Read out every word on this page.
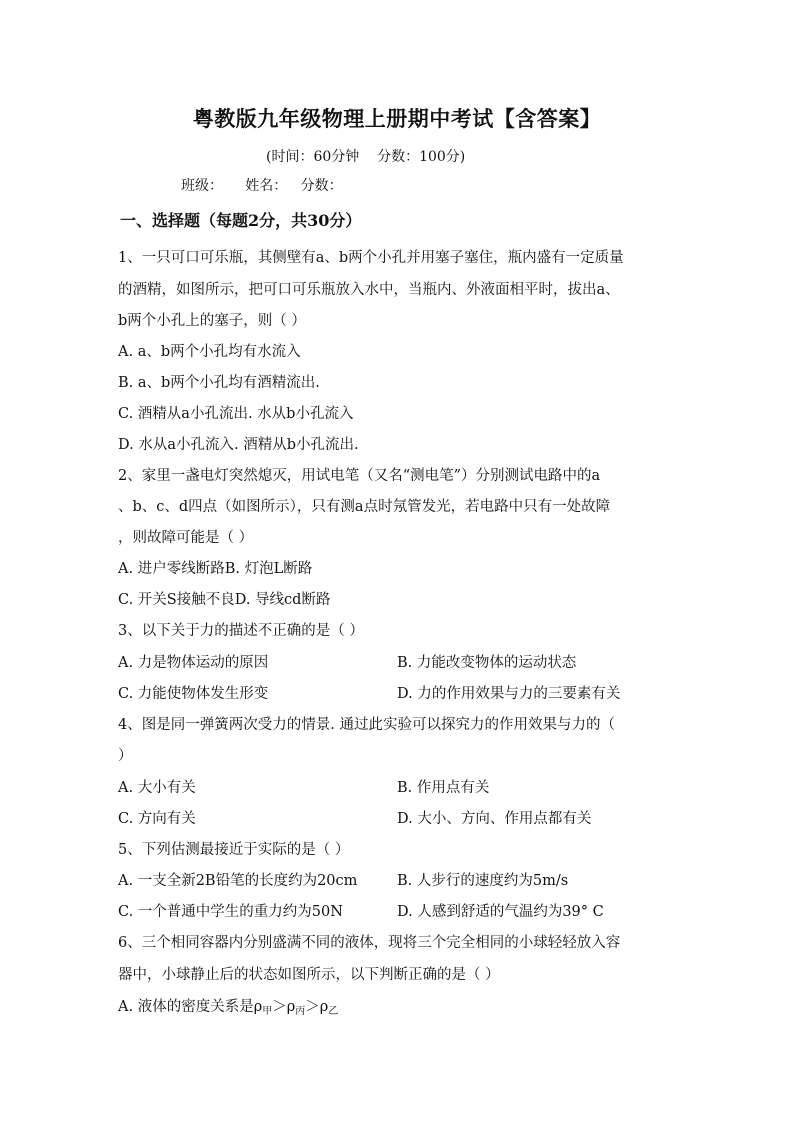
粤教版九年级物理上册期中考试【含答案】
(时间：60分钟    分数：100分)
班级：     姓名：   分数：
一、选择题（每题2分，共30分）
1、一只可口可乐瓶，其侧壁有a、b两个小孔并用塞子塞住，瓶内盛有一定质量
的酒精，如图所示，把可口可乐瓶放入水中，当瓶内、外液面相平时，拔出a、
b两个小孔上的塞子，则（ ）
A. a、b两个小孔均有水流入
B. a、b两个小孔均有酒精流出.
C. 酒精从a小孔流出. 水从b小孔流入
D. 水从a小孔流入. 酒精从b小孔流出.
2、家里一盏电灯突然熄灭，用试电笔（又名“测电笔”）分别测试电路中的a
、b、c、d四点（如图所示），只有测a点时氖管发光，若电路中只有一处故障
，则故障可能是（ ）
A. 进户零线断路B. 灯泡L断路
C. 开关S接触不良D. 导线cd断路
3、以下关于力的描述不正确的是（ ）
A. 力是物体运动的原因	B. 力能改变物体的运动状态
C. 力能使物体发生形变	D. 力的作用效果与力的三要素有关
4、图是同一弹簧两次受力的情景. 通过此实验可以探究力的作用效果与力的（
）
A. 大小有关	B. 作用点有关
C. 方向有关	D. 大小、方向、作用点都有关
5、下列估测最接近于实际的是（ ）
A. 一支全新2B铅笔的长度约为20cm	B. 人步行的速度约为5m/s
C. 一个普通中学生的重力约为50N	D. 人感到舒适的气温约为39° C
6、三个相同容器内分别盛满不同的液体，现将三个完全相同的小球轻轻放入容
器中，小球静止后的状态如图所示，以下判断正确的是（ ）
A. 液体的密度关系是$\rho_甲>\rho_丙>\rho_乙$
